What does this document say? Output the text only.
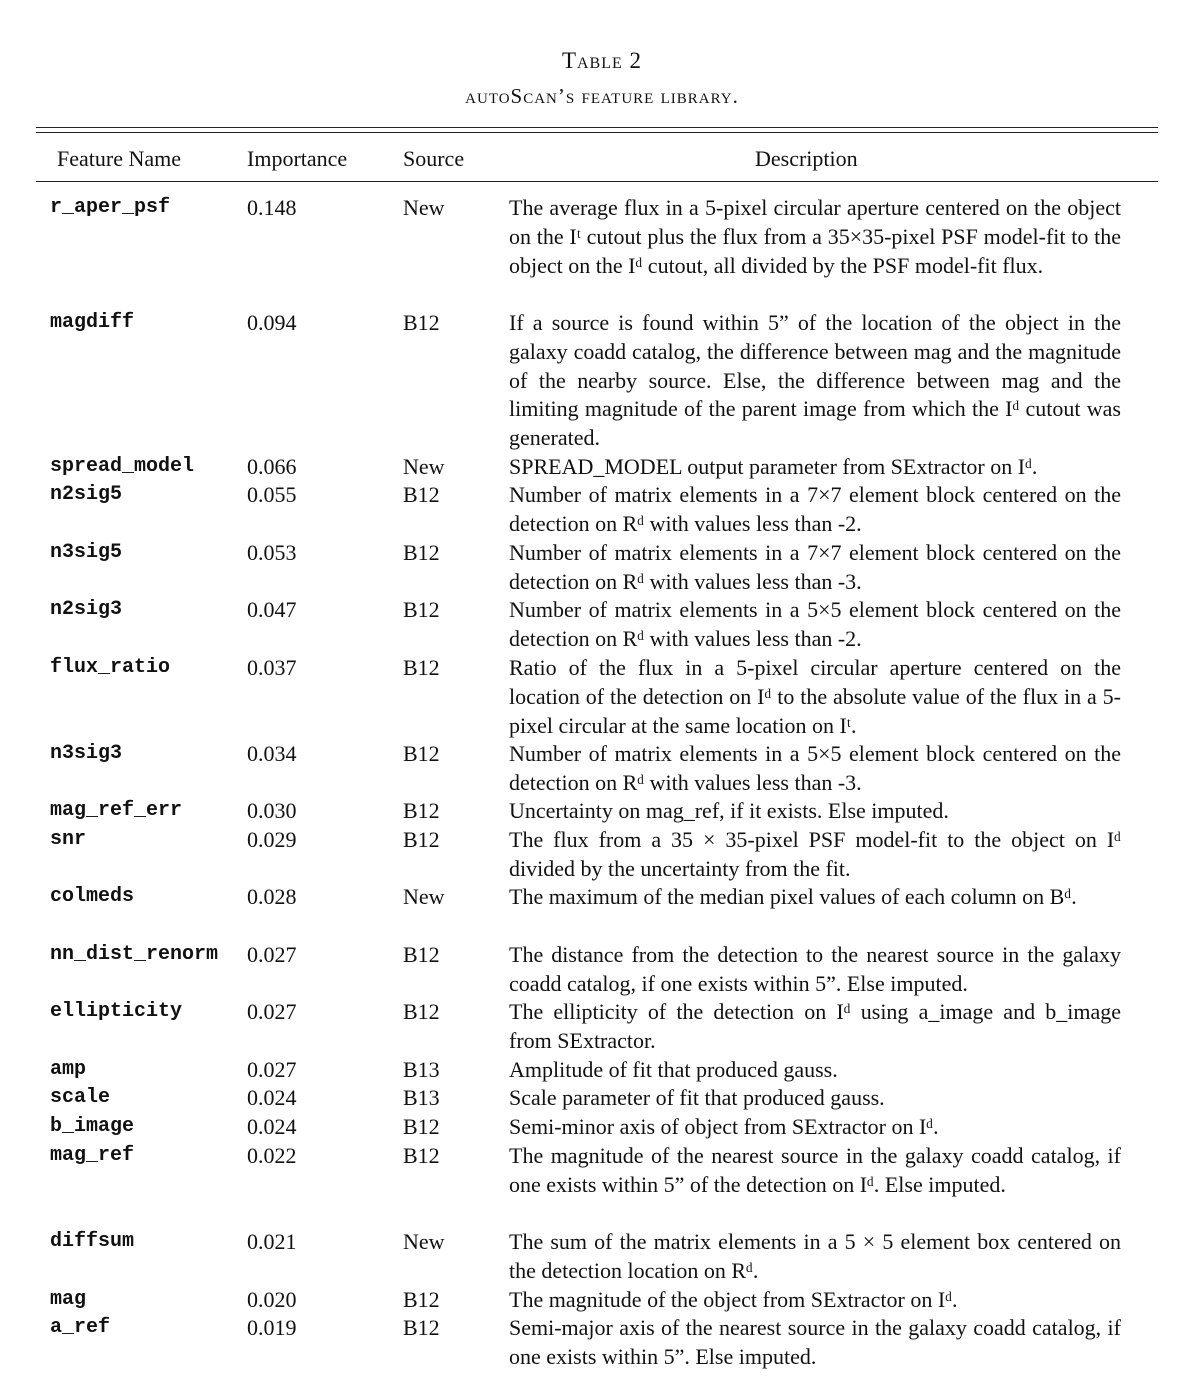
Table 2
autoScan’s feature library.
Feature Name	Importance	Source	Description
r_aper_psf	0.148	New	The average flux in a 5-pixel circular aperture centered on the object on the Iᵗ cutout plus the flux from a 35×35-pixel PSF model-fit to the object on the Iᵈ cutout, all divided by the PSF model-fit flux.
magdiff	0.094	B12	If a source is found within 5” of the location of the object in the galaxy coadd catalog, the difference between mag and the magnitude of the nearby source. Else, the difference between mag and the limiting magnitude of the parent image from which the Iᵈ cutout was generated.
spread_model 0.066	New	SPREAD_MODEL output parameter from SExtractor on Iᵈ.
n2sig5	0.055	B12	Number of matrix elements in a 7×7 element block centered on the detection on Rᵈ with values less than -2.
n3sig5	0.053	B12	Number of matrix elements in a 7×7 element block centered on the detection on Rᵈ with values less than -3.
n2sig3	0.047	B12	Number of matrix elements in a 5×5 element block centered on the detection on Rᵈ with values less than -2.
flux_ratio	0.037	B12	Ratio of the flux in a 5-pixel circular aperture centered on the location of the detection on Iᵈ to the absolute value of the flux in a 5-pixel circular at the same location on Iᵗ.
n3sig3	0.034	B12	Number of matrix elements in a 5×5 element block centered on the detection on Rᵈ with values less than -3.
mag_ref_err	0.030	B12	Uncertainty on mag_ref, if it exists. Else imputed.
snr	0.029	B12	The flux from a 35 × 35-pixel PSF model-fit to the object on Iᵈ divided by the uncertainty from the fit.
colmeds	0.028	New	The maximum of the median pixel values of each column on Bᵈ.
nn_dist_renorm 0.027	B12	The distance from the detection to the nearest source in the galaxy coadd catalog, if one exists within 5”. Else imputed.
ellipticity	0.027	B12	The ellipticity of the detection on Iᵈ using a_image and b_image from SExtractor.
amp	0.027	B13	Amplitude of fit that produced gauss.
scale	0.024	B13	Scale parameter of fit that produced gauss.
b_image	0.024	B12	Semi-minor axis of object from SExtractor on Iᵈ.
mag_ref	0.022	B12	The magnitude of the nearest source in the galaxy coadd catalog, if one exists within 5” of the detection on Iᵈ. Else imputed.
diffsum	0.021	New	The sum of the matrix elements in a 5 × 5 element box centered on the detection location on Rᵈ.
mag	0.020	B12	The magnitude of the object from SExtractor on Iᵈ.
a_ref	0.019	B12	Semi-major axis of the nearest source in the galaxy coadd catalog, if one exists within 5”. Else imputed.
